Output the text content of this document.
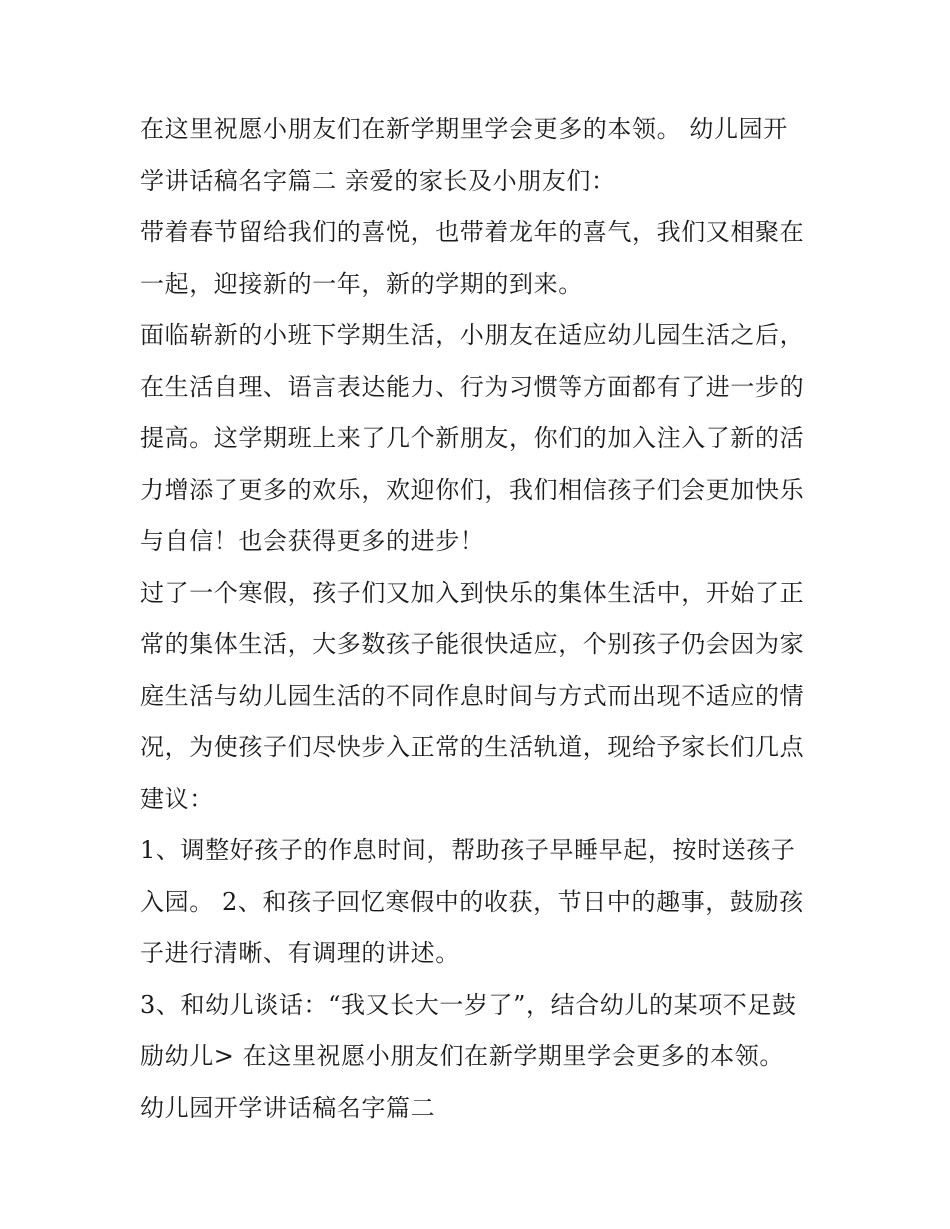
在这里祝愿小朋友们在新学期里学会更多的本领。 幼儿园开
学讲话稿名字篇二 亲爱的家长及小朋友们：
带着春节留给我们的喜悦，也带着龙年的喜气，我们又相聚在
一起，迎接新的一年，新的学期的到来。
面临崭新的小班下学期生活，小朋友在适应幼儿园生活之后，
在生活自理、语言表达能力、行为习惯等方面都有了进一步的
提高。这学期班上来了几个新朋友，你们的加入注入了新的活
力增添了更多的欢乐，欢迎你们，我们相信孩子们会更加快乐
与自信！也会获得更多的进步！
过了一个寒假，孩子们又加入到快乐的集体生活中，开始了正
常的集体生活，大多数孩子能很快适应，个别孩子仍会因为家
庭生活与幼儿园生活的不同作息时间与方式而出现不适应的情
况，为使孩子们尽快步入正常的生活轨道，现给予家长们几点
建议：
1、调整好孩子的作息时间，帮助孩子早睡早起，按时送孩子
入园。 2、和孩子回忆寒假中的收获，节日中的趣事，鼓励孩
子进行清晰、有调理的讲述。
3、和幼儿谈话：“我又长大一岁了”，结合幼儿的某项不足鼓
励幼儿> 在这里祝愿小朋友们在新学期里学会更多的本领。
幼儿园开学讲话稿名字篇二
